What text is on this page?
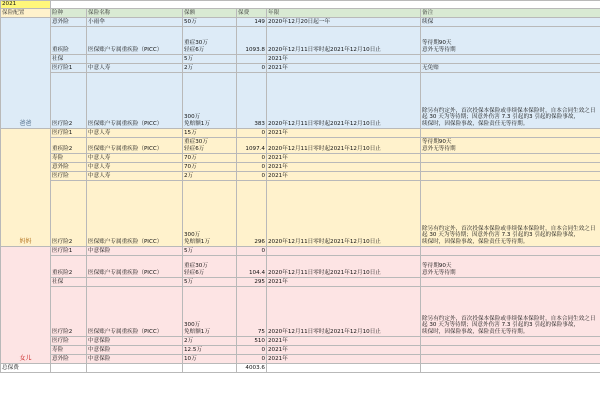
2021						
保险配置	险种	保险名称	保额	保费	年限	备注
爸爸	意外险	小雨伞	50万	149	2020年12月20日起一年	续保

	重疾险	医保账户专属重疾险（PICC）	重症30万
轻症6万	1093.8	2020年12月11日零时起2021年12月10日止	等待期90天
意外无等待期

	社保		5万		2021年	
	医疗险1	中意人寿	2万	0	2021年	无免赔

	医疗险2	医保账户专属重疾险（PICC）	300万
免赔额1万	383	2020年12月11日零时起2021年12月10日止	除另有约定外，首次投保本保险或非续保本保险时，自本合同生效之日起 30 天为等待期；因意外伤害 7.3 引起的3 引起的保险事故，
续保时，因保险事故，保险责任无等待期。

妈妈	医疗险1	中意人寿	15万	0	2021年	
	重疾险2	医保账户专属重疾险（PICC）	重症30万
轻症6万	1097.4	2020年12月11日零时起2021年12月10日止	等待期90天
意外无等待期

	寿险	中意人寿	70万	0	2021年	
	意外险	中意人寿	70万	0	2021年	
	医疗险	中意人寿	2万	0	2021年	
	医疗险2	医保账户专属重疾险（PICC）	300万
免赔额1万	296	2020年12月11日零时起2021年12月10日止	除另有约定外，首次投保本保险或非续保本保险时，自本合同生效之日起 30 天为等待期；因意外伤害 7.3 引起的3 引起的保险事故，
续保时，因保险事故，保险责任无等待期。

女儿	医疗险1	中意保险	5万	0		
	重疾险2	医保账户专属重疾险（PICC）	重症30万
轻症6万	104.4	2020年12月11日零时起2021年12月10日止	等待期90天
意外无等待期

	社保		5万	295	2021年	
	医疗险2	医保账户专属重疾险（PICC）	300万
免赔额1万	75	2020年12月11日零时起2021年12月10日止	除另有约定外，首次投保本保险或非续保本保险时，自本合同生效之日起 30 天为等待期；因意外伤害 7.3 引起的3 引起的保险事故，
续保时，因保险事故，保险责任无等待期。

	医疗险	中意保险	2万	510	2021年	
	寿险	中意保险	12.5万	0	2021年	
	意外险	中意保险	10万	0	2021年	
总保费				4003.6		
